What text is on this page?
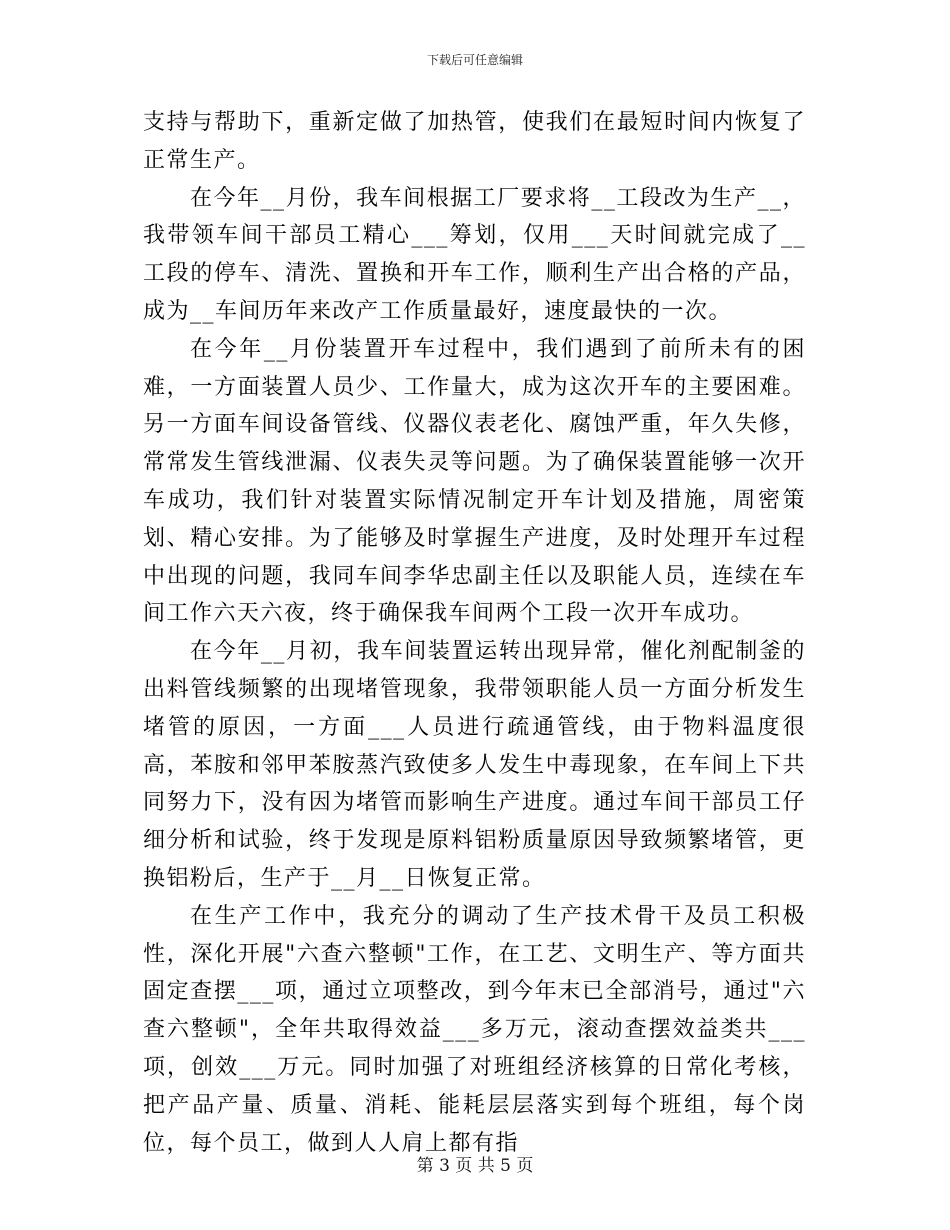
下载后可任意编辑

支持与帮助下，重新定做了加热管，使我们在最短时间内恢复了正常生产。

在今年__月份，我车间根据工厂要求将__工段改为生产__，我带领车间干部员工精心___筹划，仅用___天时间就完成了__工段的停车、清洗、置换和开车工作，顺利生产出合格的产品，成为__车间历年来改产工作质量最好，速度最快的一次。

在今年__月份装置开车过程中，我们遇到了前所未有的困难，一方面装置人员少、工作量大，成为这次开车的主要困难。另一方面车间设备管线、仪器仪表老化、腐蚀严重，年久失修，常常发生管线泄漏、仪表失灵等问题。为了确保装置能够一次开车成功，我们针对装置实际情况制定开车计划及措施，周密策划、精心安排。为了能够及时掌握生产进度，及时处理开车过程中出现的问题，我同车间李华忠副主任以及职能人员，连续在车间工作六天六夜，终于确保我车间两个工段一次开车成功。

在今年__月初，我车间装置运转出现异常，催化剂配制釜的出料管线频繁的出现堵管现象，我带领职能人员一方面分析发生堵管的原因，一方面___人员进行疏通管线，由于物料温度很高，苯胺和邻甲苯胺蒸汽致使多人发生中毒现象，在车间上下共同努力下，没有因为堵管而影响生产进度。通过车间干部员工仔细分析和试验，终于发现是原料铝粉质量原因导致频繁堵管，更换铝粉后，生产于__月__日恢复正常。

在生产工作中，我充分的调动了生产技术骨干及员工积极性，深化开展"六查六整顿"工作，在工艺、文明生产、等方面共固定查摆___项，通过立项整改，到今年末已全部消号，通过"六查六整顿"，全年共取得效益___多万元，滚动查摆效益类共___项，创效___万元。同时加强了对班组经济核算的日常化考核，把产品产量、质量、消耗、能耗层层落实到每个班组，每个岗位，每个员工，做到人人肩上都有指

第 3 页 共 5 页
